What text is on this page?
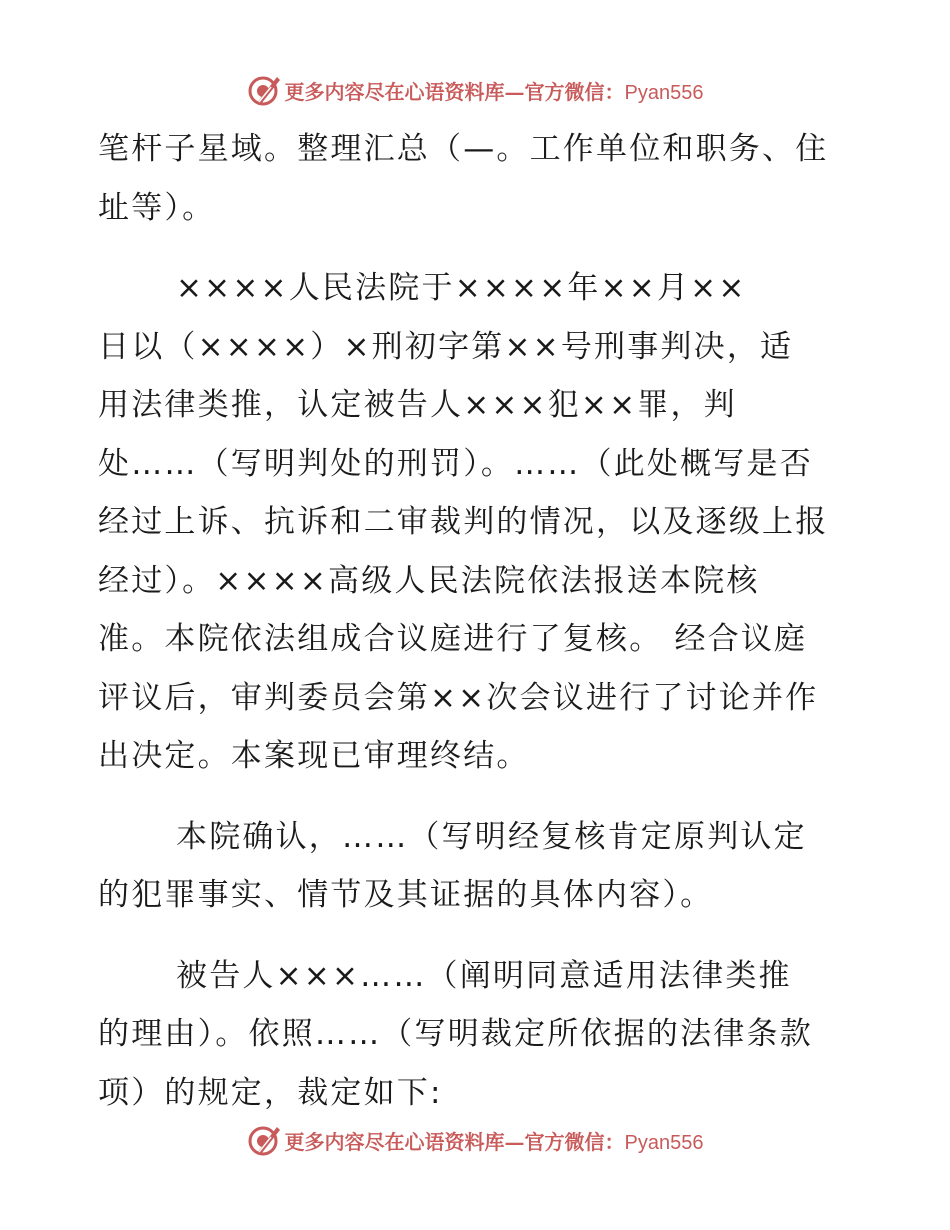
更多内容尽在心语资料库—官方微信：Pyan556
笔杆子星域。整理汇总（—。工作单位和职务、住
址等）。
××××人民法院于××××年××月××
日以（××××）×刑初字第××号刑事判决，适
用法律类推，认定被告人×××犯××罪，判
处……（写明判处的刑罚）。……（此处概写是否
经过上诉、抗诉和二审裁判的情况，以及逐级上报
经过）。××××高级人民法院依法报送本院核
准。本院依法组成合议庭进行了复核。 经合议庭
评议后，审判委员会第××次会议进行了讨论并作
出决定。本案现已审理终结。
本院确认，……（写明经复核肯定原判认定
的犯罪事实、情节及其证据的具体内容）。
被告人×××……（阐明同意适用法律类推
的理由）。依照……（写明裁定所依据的法律条款
项）的规定，裁定如下:
更多内容尽在心语资料库—官方微信：Pyan556
